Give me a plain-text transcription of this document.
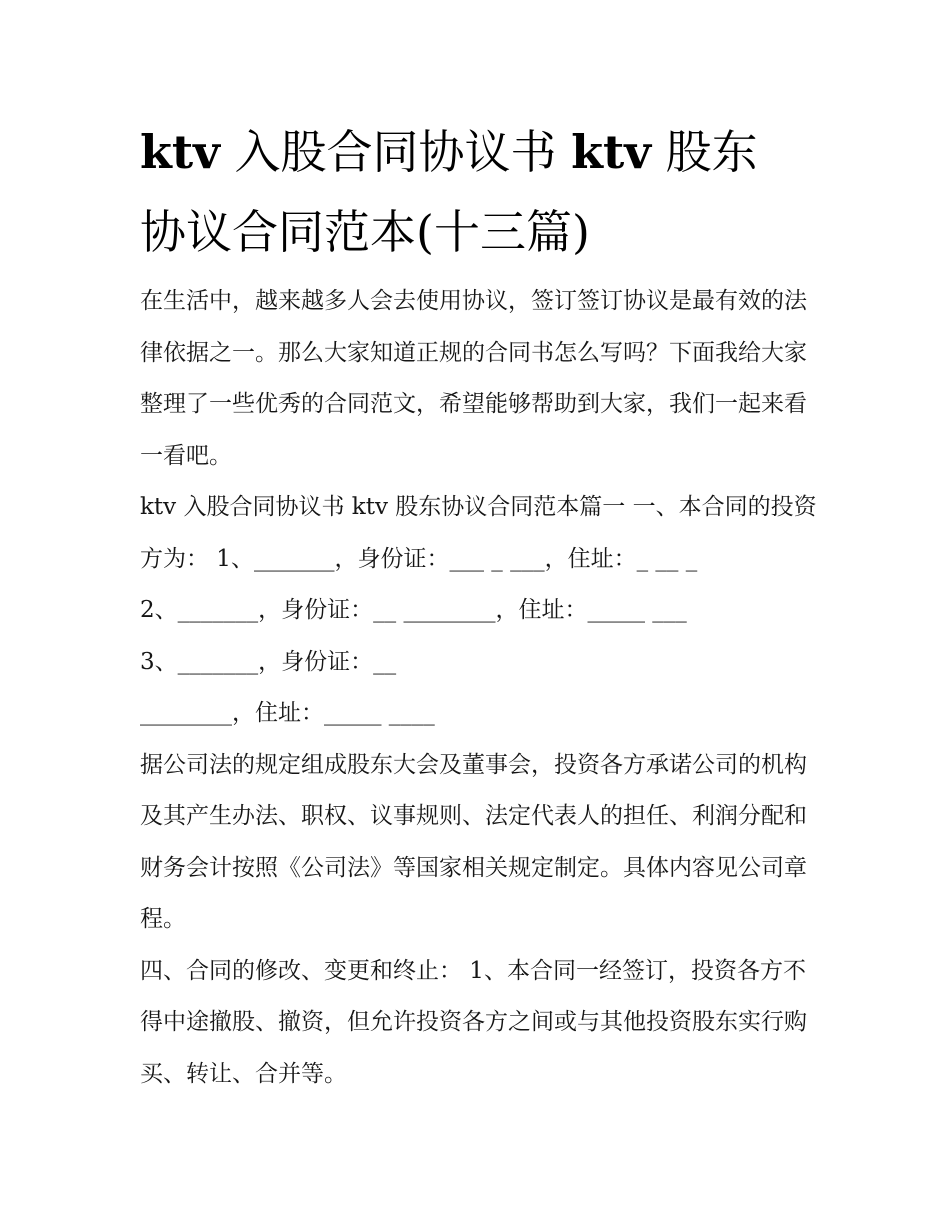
ktv 入股合同协议书 ktv 股东
协议合同范本(十三篇)

在生活中，越来越多人会去使用协议，签订签订协议是最有效的法律依据之一。那么大家知道正规的合同书怎么写吗？下面我给大家整理了一些优秀的合同范文，希望能够帮助到大家，我们一起来看一看吧。

ktv 入股合同协议书 ktv 股东协议合同范本篇一 一、本合同的投资方为： 1、_______，身份证：___ _ ___，住址：_ __ _

2、_______，身份证：__ ________，住址：_____ ___

3、_______，身份证：__

________，住址：_____ ____

据公司法的规定组成股东大会及董事会，投资各方承诺公司的机构及其产生办法、职权、议事规则、法定代表人的担任、利润分配和财务会计按照《公司法》等国家相关规定制定。具体内容见公司章程。

四、合同的修改、变更和终止： 1、本合同一经签订，投资各方不得中途撤股、撤资，但允许投资各方之间或与其他投资股东实行购买、转让、合并等。
